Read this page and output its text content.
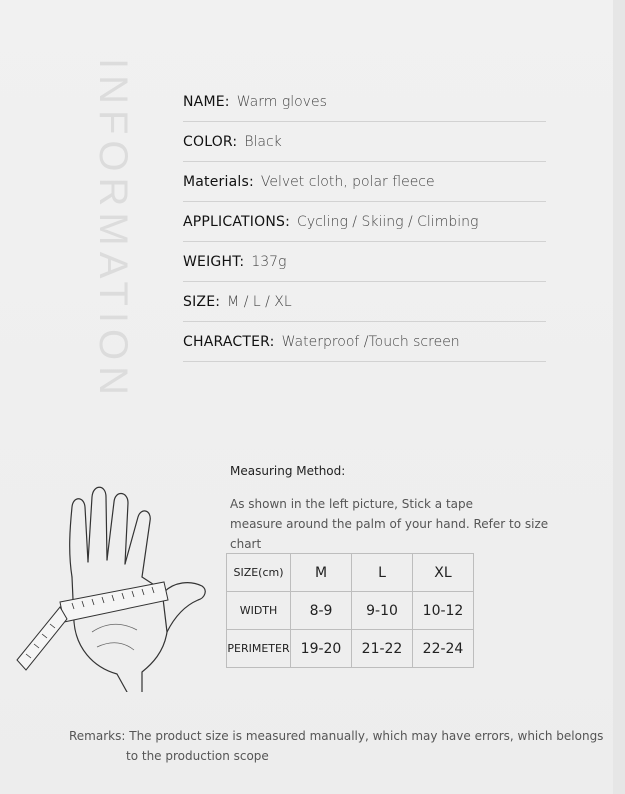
INFORMATION	NAME: Warm gloves
COLOR: Black
Materials: Velvet cloth, polar fleece
APPLICATIONS: Cycling / Skiing / Climbing
WEIGHT: 137g
SIZE: M / L / XL
CHARACTER: Waterproof /Touch screen
Measuring Method:
As shown in the left picture, Stick a tape
measure around the palm of your hand. Refer to size chart
SIZE(cm)	M	L	XL
WIDTH	8-9	9-10	10-12
PERIMETER	19-20	21-22	22-24
Remarks: The product size is measured manually, which may have errors, which belongs
to the production scope
